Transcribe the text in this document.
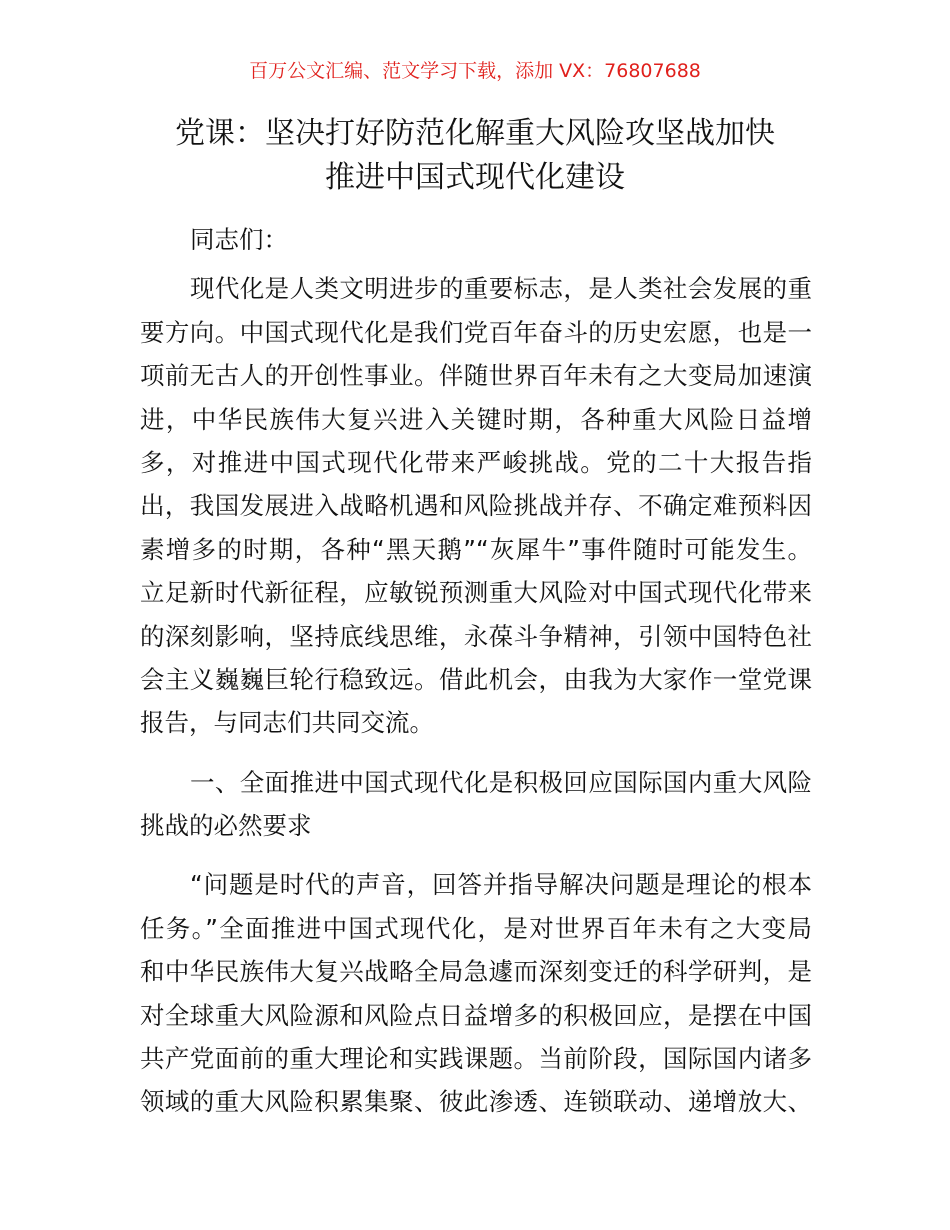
百万公文汇编、范文学习下载，添加 VX：76807688
党课：坚决打好防范化解重大风险攻坚战加快
推进中国式现代化建设
同志们：
现代化是人类文明进步的重要标志，是人类社会发展的重
要方向。中国式现代化是我们党百年奋斗的历史宏愿，也是一
项前无古人的开创性事业。伴随世界百年未有之大变局加速演
进，中华民族伟大复兴进入关键时期，各种重大风险日益增
多，对推进中国式现代化带来严峻挑战。党的二十大报告指
出，我国发展进入战略机遇和风险挑战并存、不确定难预料因
素增多的时期，各种“黑天鹅”“灰犀牛”事件随时可能发生。
立足新时代新征程，应敏锐预测重大风险对中国式现代化带来
的深刻影响，坚持底线思维，永葆斗争精神，引领中国特色社
会主义巍巍巨轮行稳致远。借此机会，由我为大家作一堂党课
报告，与同志们共同交流。
一、全面推进中国式现代化是积极回应国际国内重大风险
挑战的必然要求
“问题是时代的声音，回答并指导解决问题是理论的根本
任务。”全面推进中国式现代化，是对世界百年未有之大变局
和中华民族伟大复兴战略全局急遽而深刻变迁的科学研判，是
对全球重大风险源和风险点日益增多的积极回应，是摆在中国
共产党面前的重大理论和实践课题。当前阶段，国际国内诸多
领域的重大风险积累集聚、彼此渗透、连锁联动、递增放大、
